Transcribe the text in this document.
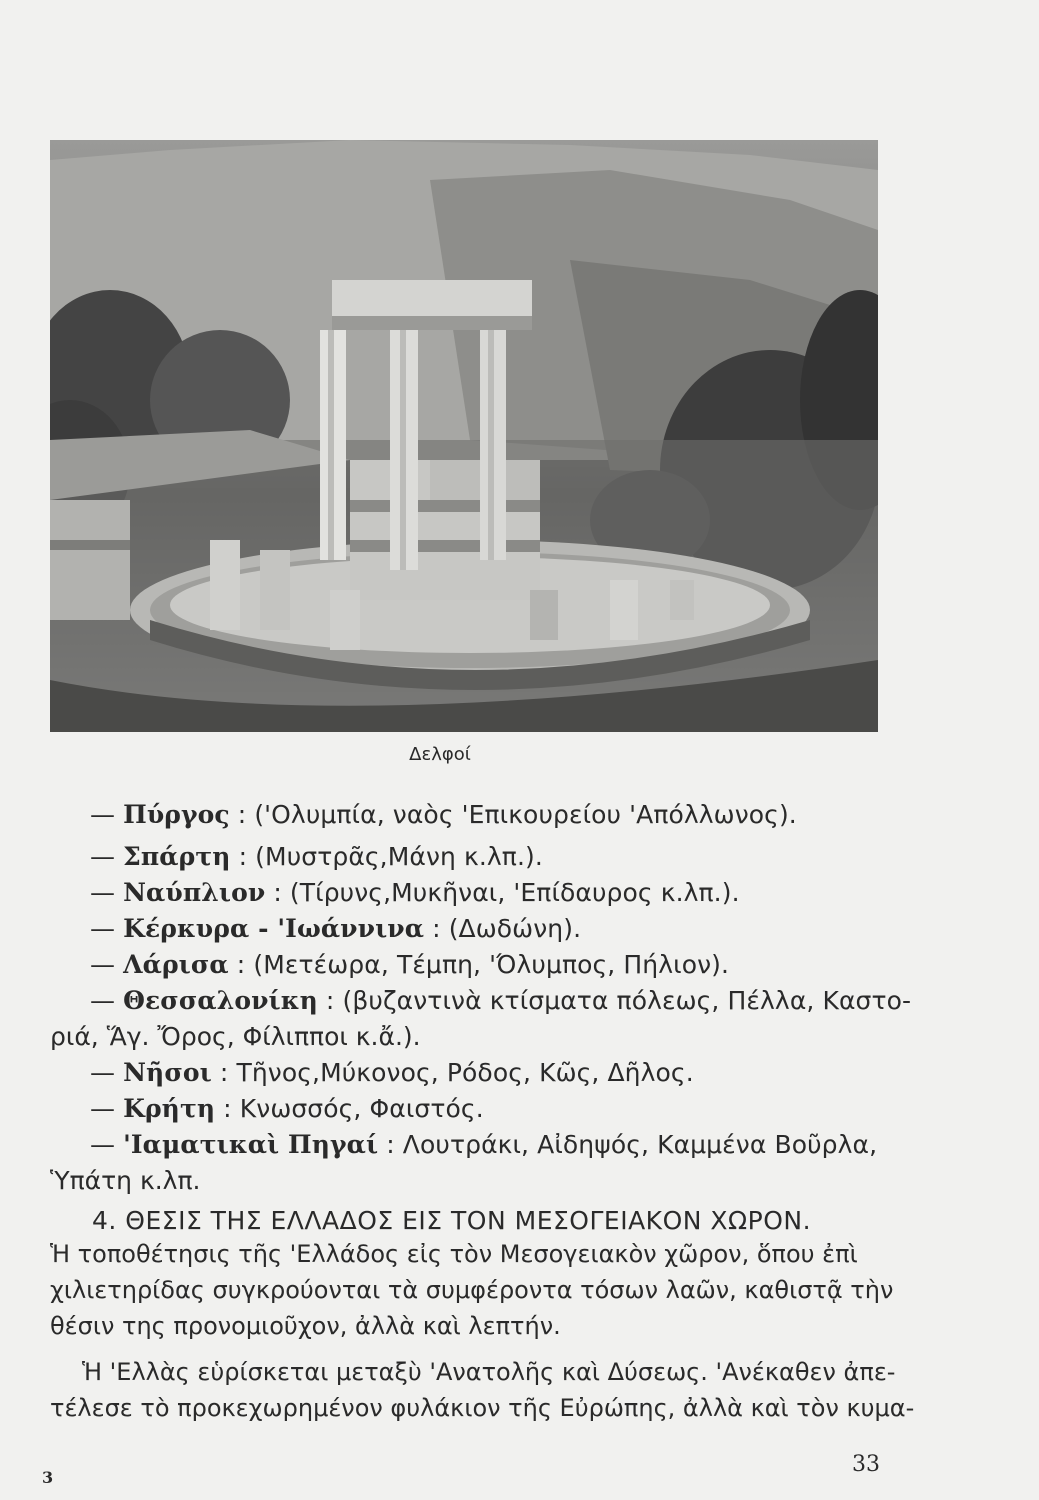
Δελφοί
— Πύργος : ('Ολυμπία, ναὸς 'Επικουρείου 'Απόλλωνος).
— Σπάρτη : (Μυστρᾶς,Μάνη κ.λπ.).
— Ναύπλιον : (Τίρυνς,Μυκῆναι, 'Επίδαυρος κ.λπ.).
— Κέρκυρα - 'Ιωάννινα : (Δωδώνη).
— Λάρισα : (Μετέωρα, Τέμπη, 'Όλυμπος, Πήλιον).
— Θεσσαλονίκη : (βυζαντινὰ κτίσματα πόλεως, Πέλλα, Καστο-
ριά, Ἅγ. Ὄρος, Φίλιπποι κ.ἄ.).
— Νῆσοι : Τῆνος,Μύκονος, Ρόδος, Κῶς, Δῆλος.
— Κρήτη : Κνωσσός, Φαιστός.
— 'Ιαματικαὶ Πηγαί : Λουτράκι, Αἰδηψός, Καμμένα Βοῦρλα,
Ὑπάτη κ.λπ.
4. ΘΕΣΙΣ ΤΗΣ ΕΛΛΑΔΟΣ ΕΙΣ ΤΟΝ ΜΕΣΟΓΕΙΑΚΟΝ ΧΩΡΟΝ.
Ἡ τοποθέτησις τῆς 'Ελλάδος εἰς τὸν Μεσογειακὸν χῶρον, ὅπου ἐπὶ
χιλιετηρίδας συγκρούονται τὰ συμφέροντα τόσων λαῶν, καθιστᾷ τὴν
θέσιν της προνομιοῦχον, ἀλλὰ καὶ λεπτήν.
Ἡ 'Ελλὰς εὑρίσκεται μεταξὺ 'Ανατολῆς καὶ Δύσεως. 'Ανέκαθεν ἀπε-
τέλεσε τὸ προκεχωρημένον φυλάκιον τῆς Εὐρώπης, ἀλλὰ καὶ τὸν κυμα-
33
3
